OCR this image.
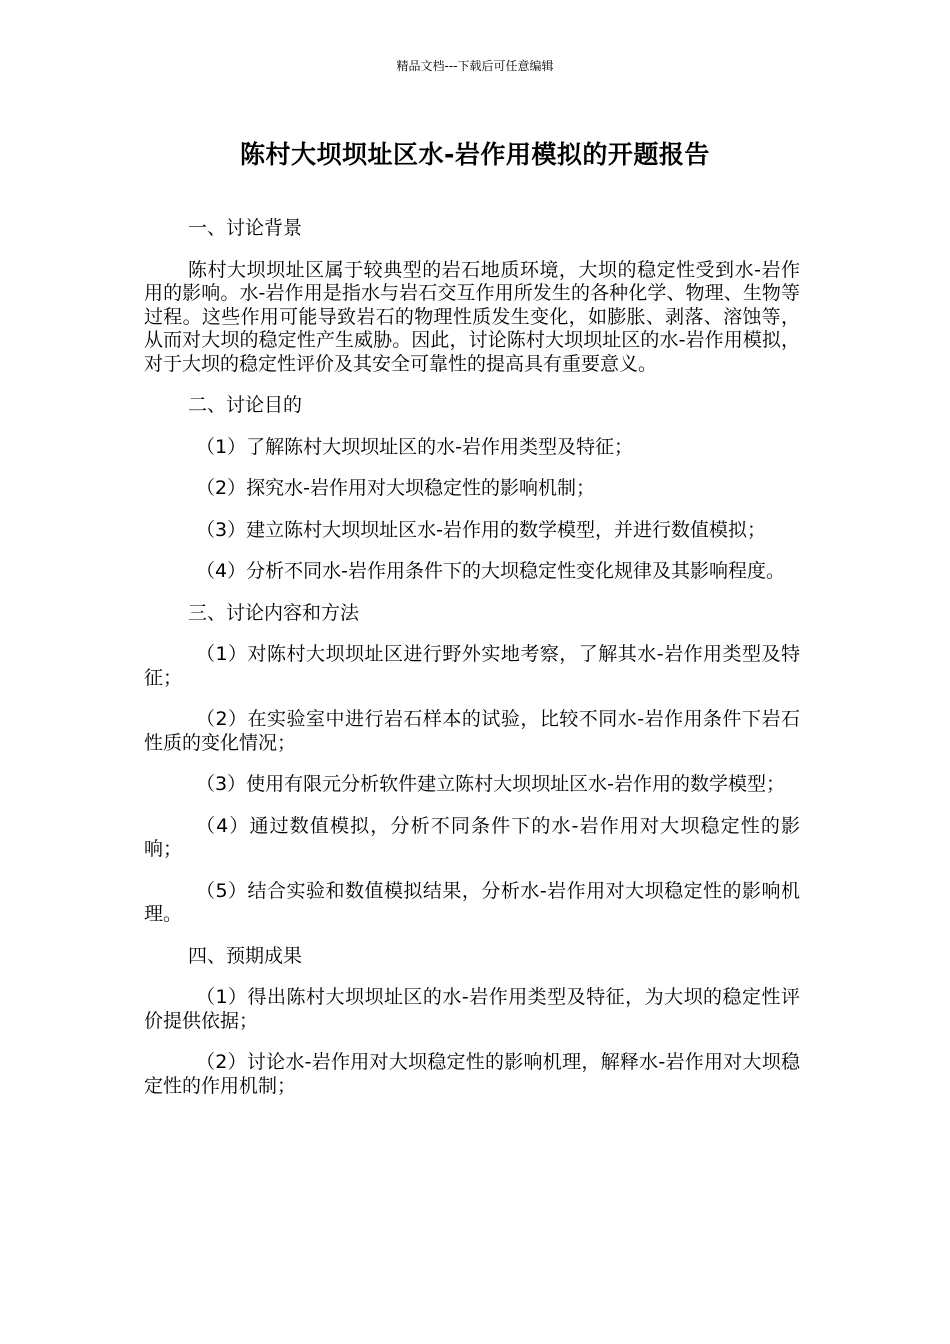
精品文档---下载后可任意编辑
陈村大坝坝址区水-岩作用模拟的开题报告
一、讨论背景

陈村大坝坝址区属于较典型的岩石地质环境，大坝的稳定性受到水-岩作用的影响。水-岩作用是指水与岩石交互作用所发生的各种化学、物理、生物等过程。这些作用可能导致岩石的物理性质发生变化，如膨胀、剥落、溶蚀等，从而对大坝的稳定性产生威胁。因此，讨论陈村大坝坝址区的水-岩作用模拟，对于大坝的稳定性评价及其安全可靠性的提高具有重要意义。

二、讨论目的

（1）了解陈村大坝坝址区的水-岩作用类型及特征；

（2）探究水-岩作用对大坝稳定性的影响机制；

（3）建立陈村大坝坝址区水-岩作用的数学模型，并进行数值模拟；

（4）分析不同水-岩作用条件下的大坝稳定性变化规律及其影响程度。

三、讨论内容和方法

（1）对陈村大坝坝址区进行野外实地考察，了解其水-岩作用类型及特征；

（2）在实验室中进行岩石样本的试验，比较不同水-岩作用条件下岩石性质的变化情况；

（3）使用有限元分析软件建立陈村大坝坝址区水-岩作用的数学模型；

（4）通过数值模拟，分析不同条件下的水-岩作用对大坝稳定性的影响；

（5）结合实验和数值模拟结果，分析水-岩作用对大坝稳定性的影响机理。

四、预期成果

（1）得出陈村大坝坝址区的水-岩作用类型及特征，为大坝的稳定性评价提供依据；

（2）讨论水-岩作用对大坝稳定性的影响机理，解释水-岩作用对大坝稳定性的作用机制；
